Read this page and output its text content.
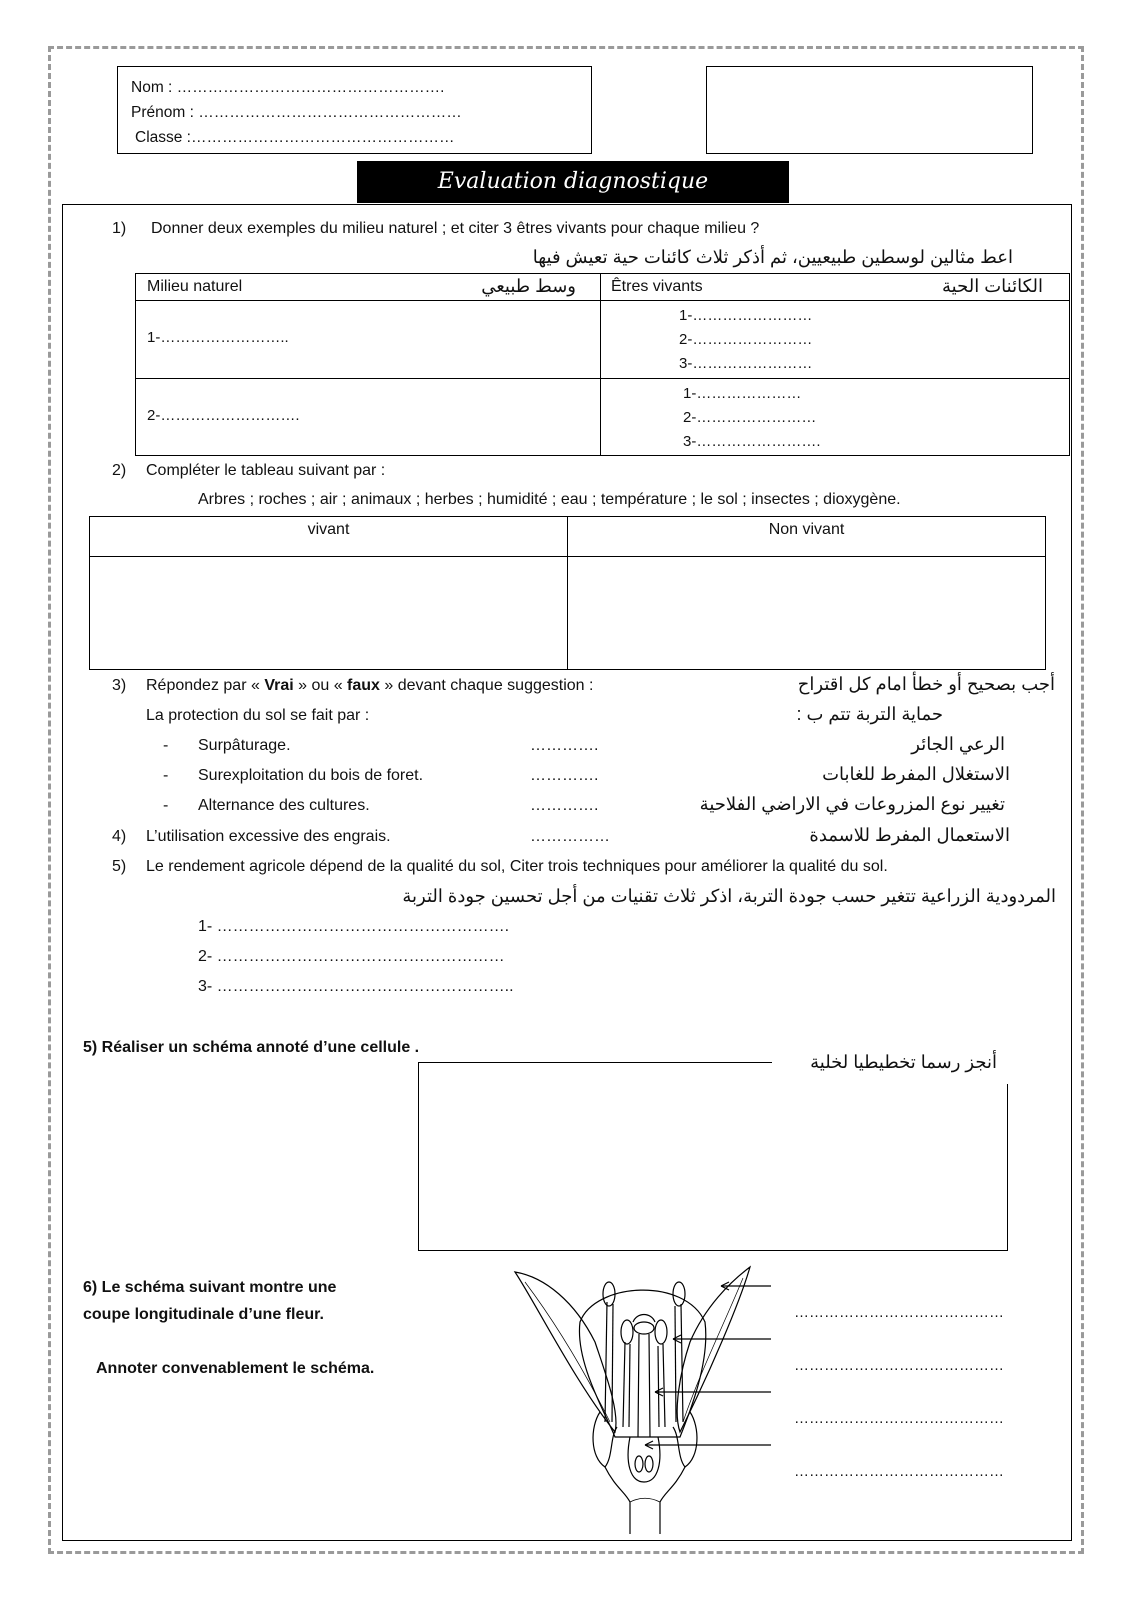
Nom : …………………………………………….
Prénom : ……………………………………………
Classe :……………………………………………
Evaluation diagnostique
1) Donner deux exemples du milieu naturel ; et citer 3 êtres vivants pour chaque milieu ?
اعط مثالين لوسطين طبيعيين، ثم أذكر ثلاث كائنات حية تعيش فيها
Milieu naturel وسط طبيعي	Êtres vivants الكائنات الحية

1-……………………..	1-……………………
2-……………………
3-……………………

2-……………………….	1-…………………
2-……………………
3-…………………….
2) Compléter le tableau suivant par :
Arbres ; roches ; air ; animaux ; herbes ; humidité ; eau ; température ; le sol ; insectes ; dioxygène.
vivant	Non vivant

3) Répondez par « Vrai » ou « faux » devant chaque suggestion :	أجب بصحيح أو خطأ امام كل اقتراح
La protection du sol se fait par :	حماية التربة تتم ب :
- Surpâturage.	………….	الرعي الجائر
- Surexploitation du bois de foret.	………….	الاستغلال المفرط للغابات
- Alternance des cultures.	………….	تغيير نوع المزروعات في الاراضي الفلاحية
4) L’utilisation excessive des engrais.	……………	الاستعمال المفرط للاسمدة
5) Le rendement agricole dépend de la qualité du sol, Citer trois techniques pour améliorer la qualité du sol.
المردودية الزراعية تتغير حسب جودة التربة، اذكر ثلاث تقنيات من أجل تحسين جودة التربة
1- ……………………………………………….
2- ………………………………………………
3- ………………………………………………..
5) Réaliser un schéma annoté d’une cellule .
أنجز رسما تخطيطيا لخلية
6) Le schéma suivant montre une
coupe longitudinale d’une fleur.
Annoter convenablement le schéma.
……………………………………
……………………………………
……………………………………
……………………………………
